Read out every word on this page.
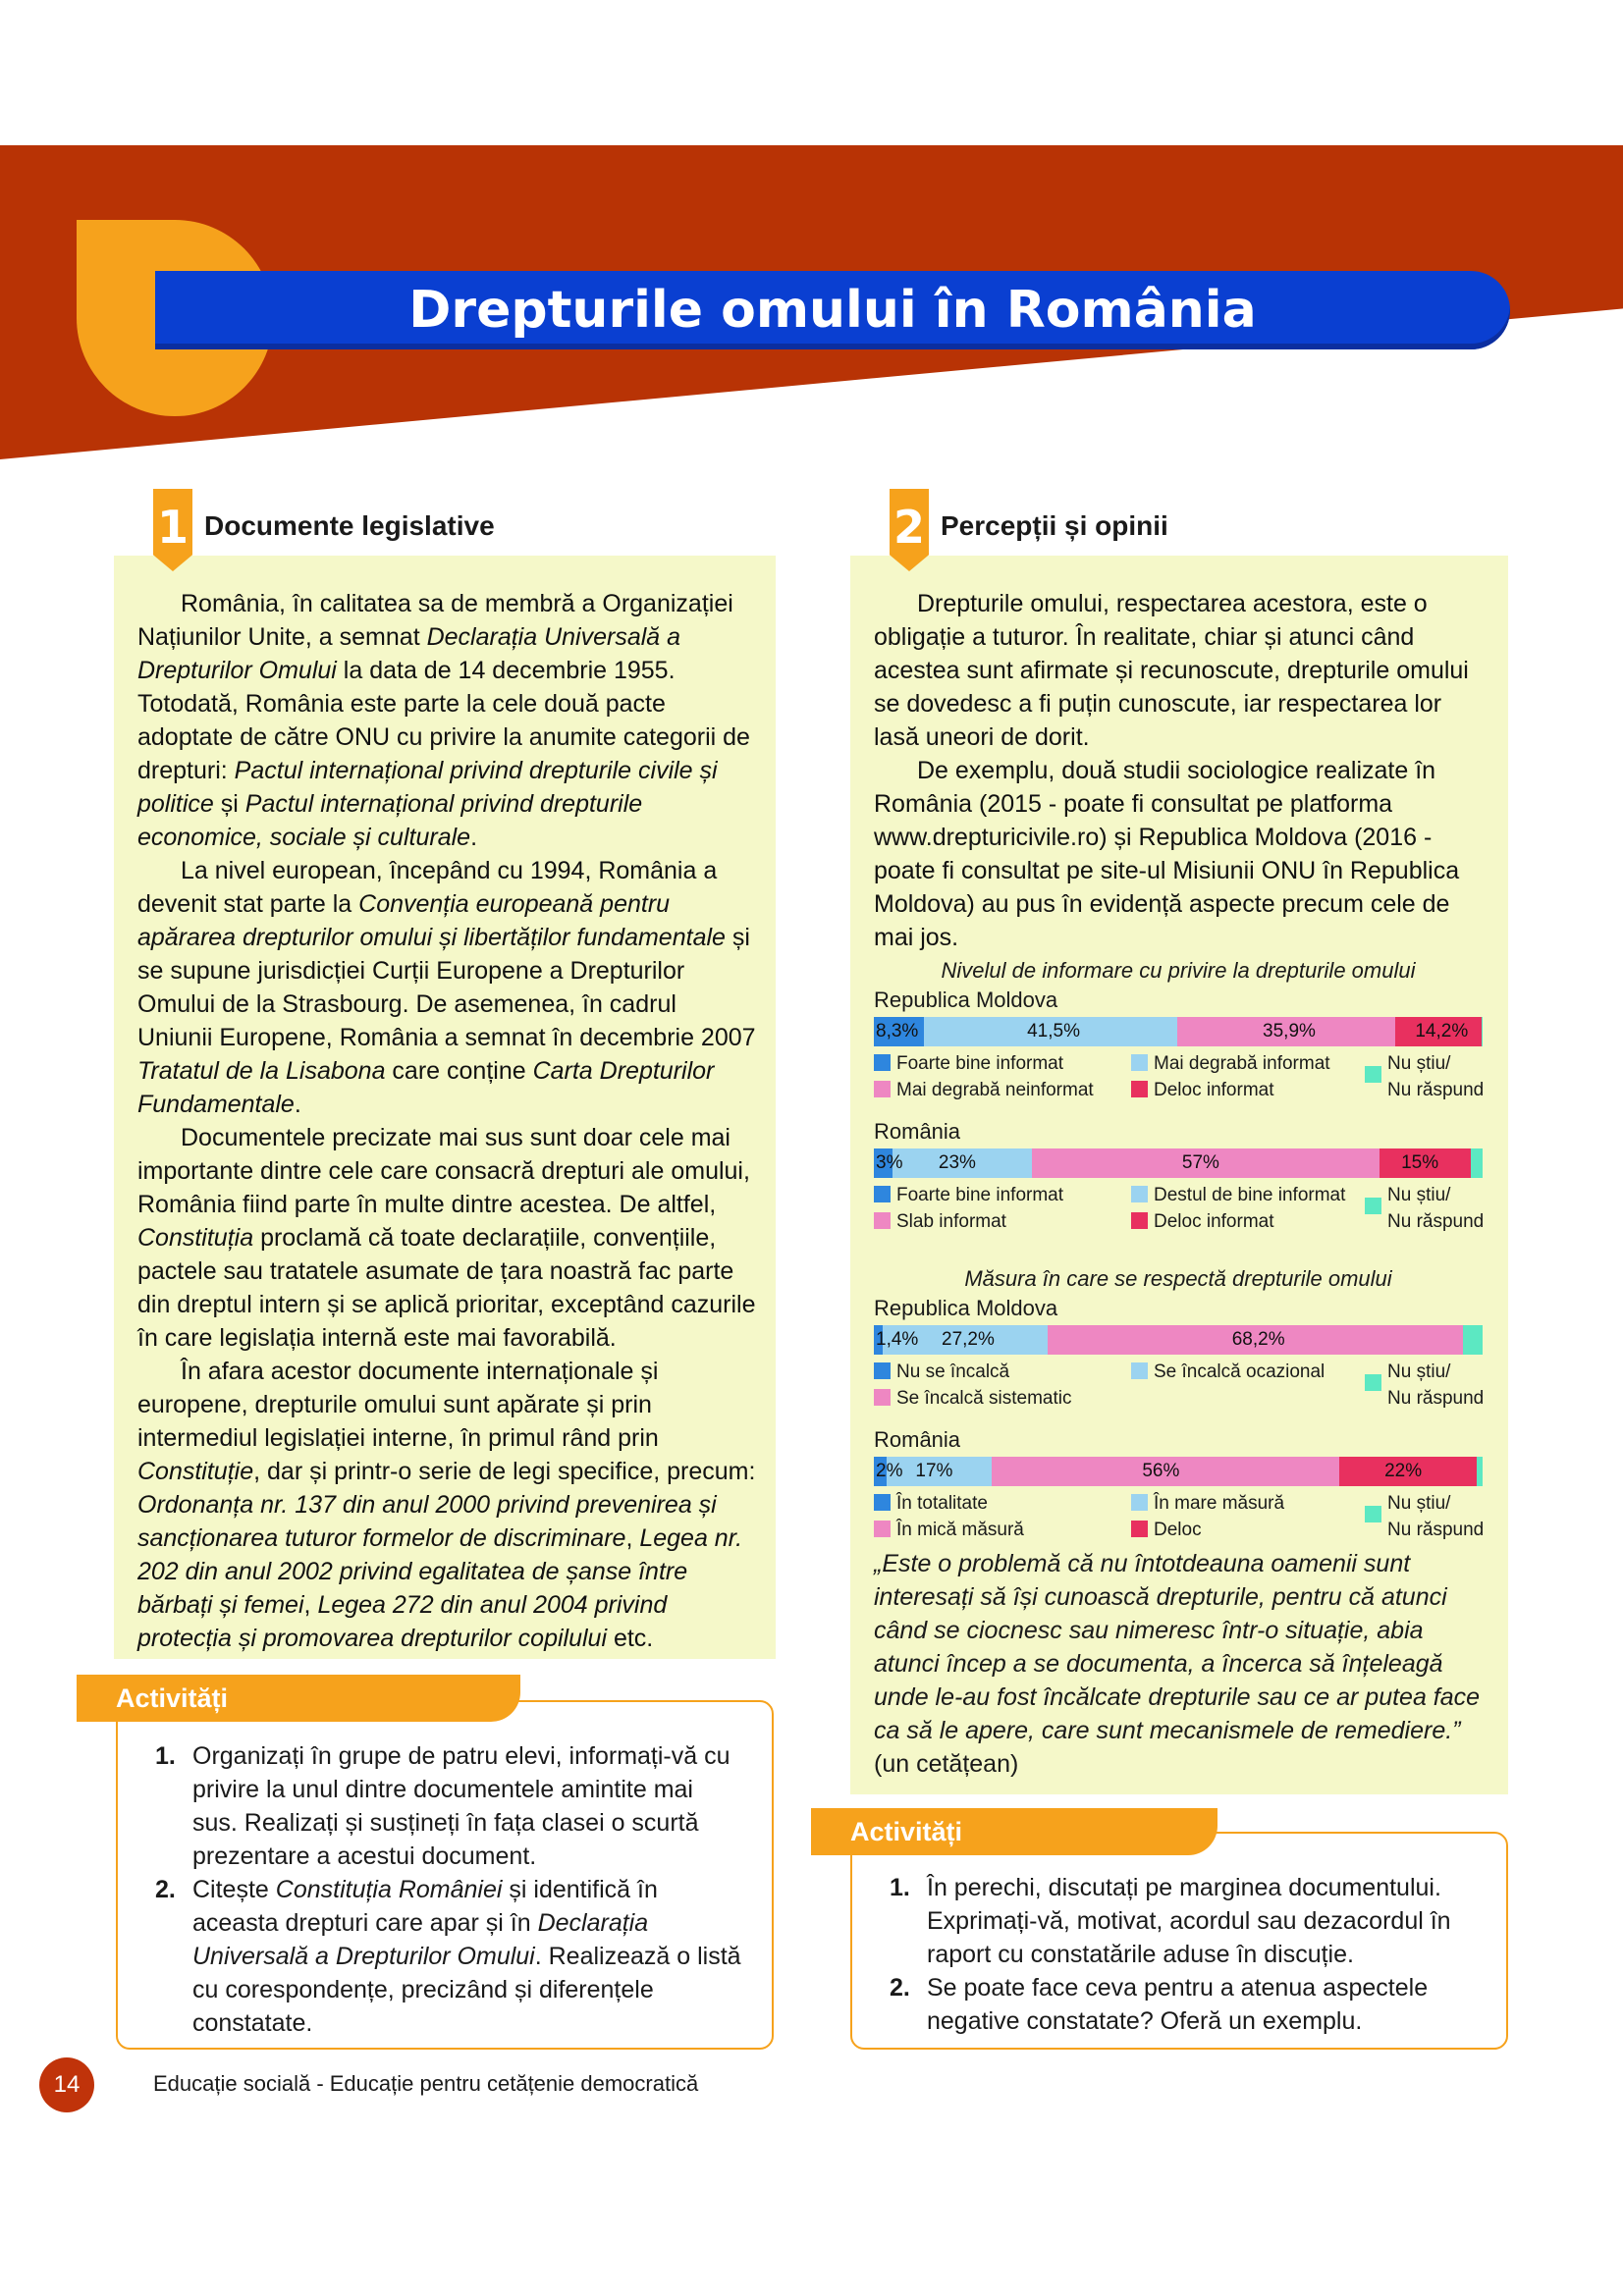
Drepturile omului în România
1 Documente legislative

România, în calitatea sa de membră a Organizației Națiunilor Unite, a semnat Declarația Universală a Drepturilor Omului la data de 14 decembrie 1955. Totodată, România este parte la cele două pacte adoptate de către ONU cu privire la anumite categorii de drepturi: Pactul internațional privind drepturile civile și politice și Pactul internațional privind drepturile economice, sociale și culturale.

La nivel european, începând cu 1994, România a devenit stat parte la Convenția europeană pentru apărarea drepturilor omului și libertăților fundamentale și se supune jurisdicției Curții Europene a Drepturilor Omului de la Strasbourg. De asemenea, în cadrul Uniunii Europene, România a semnat în decembrie 2007 Tratatul de la Lisabona care conține Carta Drepturilor Fundamentale.

Documentele precizate mai sus sunt doar cele mai importante dintre cele care consacră drepturi ale omului, România fiind parte în multe dintre acestea. De altfel, Constituția proclamă că toate declarațiile, convențiile, pactele sau tratatele asumate de țara noastră fac parte din dreptul intern și se aplică prioritar, exceptând cazurile în care legislația internă este mai favorabilă.

În afara acestor documente internaționale și europene, drepturile omului sunt apărate și prin intermediul legislației interne, în primul rând prin Constituție, dar și printr-o serie de legi specifice, precum: Ordonanța nr. 137 din anul 2000 privind prevenirea și sancționarea tuturor formelor de discriminare, Legea nr. 202 din anul 2002 privind egalitatea de șanse între bărbați și femei, Legea 272 din anul 2004 privind protecția și promovarea drepturilor copilului etc.

Activități
1. Organizați în grupe de patru elevi, informați-vă cu privire la unul dintre documentele amintite mai sus. Realizați și susțineți în fața clasei o scurtă prezentare a acestui document.
2. Citește Constituția României și identifică în aceasta drepturi care apar și în Declarația Universală a Drepturilor Omului. Realizează o listă cu corespondențe, precizând și diferențele constatate.
2 Percepții și opinii

Drepturile omului, respectarea acestora, este o obligație a tuturor. În realitate, chiar și atunci când acestea sunt afirmate și recunoscute, drepturile omului se dovedesc a fi puțin cunoscute, iar respectarea lor lasă uneori de dorit.

De exemplu, două studii sociologice realizate în România (2015 - poate fi consultat pe platforma www.drepturicivile.ro) și Republica Moldova (2016 - poate fi consultat pe site-ul Misiunii ONU în Republica Moldova) au pus în evidență aspecte precum cele de mai jos.

Nivelul de informare cu privire la drepturile omului
Republica Moldova
Foarte bine informat	Mai degrabă informat
Mai degrabă neinformat	Deloc informat
Nu știu/
Nu răspund
România
Foarte bine informat	Destul de bine informat
Slab informat	Deloc informat
Nu știu/
Nu răspund
Măsura în care se respectă drepturile omului
Republica Moldova
Nu se încalcă	Se încalcă ocazional
Se încalcă sistematic
Nu știu/
Nu răspund
România
8,3%	41,5%	35,9%	14,2%
3% 23%	57%	15%
1,4% 27,2%	68,2%
2% 17%	56%	22%
În totalitate	În mare măsură
În mică măsură	Deloc
Nu știu/
Nu răspund
„Este o problemă că nu întotdeauna oamenii sunt interesați să își cunoască drepturile, pentru că atunci când se ciocnesc sau nimeresc într-o situație, abia atunci încep a se documenta, a încerca să înțeleagă unde le-au fost încălcate drepturile sau ce ar putea face ca să le apere, care sunt mecanismele de remediere.” (un cetățean)
Activități
1. În perechi, discutați pe marginea documentului. Exprimați-vă, motivat, acordul sau dezacordul în raport cu constatările aduse în discuție.
2. Se poate face ceva pentru a atenua aspectele negative constatate? Oferă un exemplu.
14	Educație socială - Educație pentru cetățenie democratică
